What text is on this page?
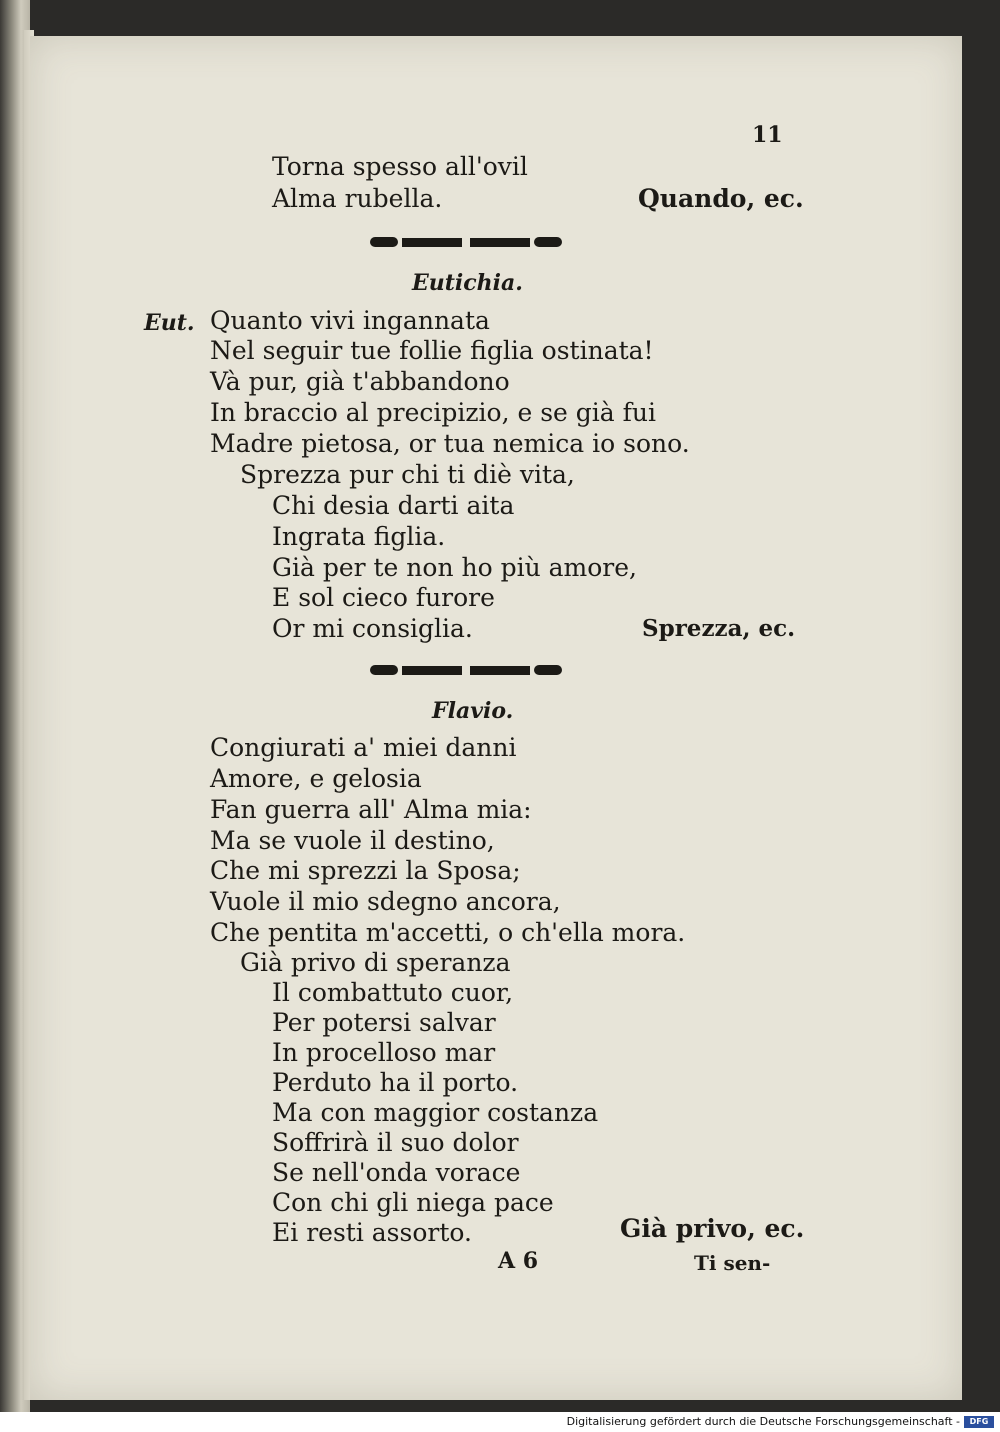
11
Torna spesso all'ovil
Alma rubella.	Quando, ec.
Eutichia.
Eut. Quanto vivi ingannata
Nel seguir tue follie figlia ostinata!
Và pur, già t'abbandono
In braccio al precipizio, e se già fui
Madre pietosa, or tua nemica io sono.
Sprezza pur chi ti diè vita,
Chi desia darti aita
Ingrata figlia.
Già per te non ho più amore,
E sol cieco furore
Or mi consiglia.	Sprezza, ec.
Flavio.
Congiurati a' miei danni
Amore, e gelosia
Fan guerra all' Alma mia:
Ma se vuole il destino,
Che mi sprezzi la Sposa;
Vuole il mio sdegno ancora,
Che pentita m'accetti, o ch'ella mora.
Già privo di speranza
Il combattuto cuor,
Per potersi salvar
In procelloso mar
Perduto ha il porto.
Ma con maggior costanza
Soffrirà il suo dolor
Se nell'onda vorace
Con chi gli niega pace
Ei resti assorto.	Già privo, ec.
A 6	Ti sen-
Digitalisierung gefördert durch die Deutsche Forschungsgemeinschaft -	DFG
